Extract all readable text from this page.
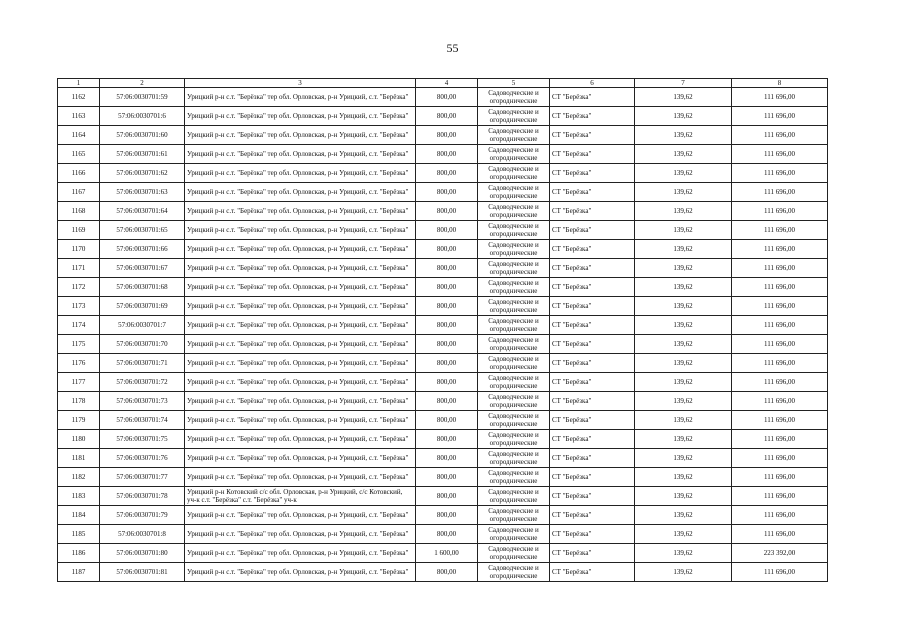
55
1	2	3	4	5	6	7	8
1162	57:06:0030701:59	Урицкий р-н с.т. "Берёзка" тер обл. Орловская, р-н Урицкий, с.т. "Берёзка"	800,00	Садоводческие и огороднические	СТ "Берёзка"	139,62	111 696,00
1163	57:06:0030701:6	Урицкий р-н с.т. "Берёзка" тер обл. Орловская, р-н Урицкий, с.т. "Берёзка"	800,00	Садоводческие и огороднические	СТ "Берёзка"	139,62	111 696,00
1164	57:06:0030701:60	Урицкий р-н с.т. "Берёзка" тер обл. Орловская, р-н Урицкий, с.т. "Берёзка"	800,00	Садоводческие и огороднические	СТ "Берёзка"	139,62	111 696,00
1165	57:06:0030701:61	Урицкий р-н с.т. "Берёзка" тер обл. Орловская, р-н Урицкий, с.т. "Берёзка"	800,00	Садоводческие и огороднические	СТ "Берёзка"	139,62	111 696,00
1166	57:06:0030701:62	Урицкий р-н с.т. "Берёзка" тер обл. Орловская, р-н Урицкий, с.т. "Берёзка"	800,00	Садоводческие и огороднические	СТ "Берёзка"	139,62	111 696,00
1167	57:06:0030701:63	Урицкий р-н с.т. "Берёзка" тер обл. Орловская, р-н Урицкий, с.т. "Берёзка"	800,00	Садоводческие и огороднические	СТ "Берёзка"	139,62	111 696,00
1168	57:06:0030701:64	Урицкий р-н с.т. "Берёзка" тер обл. Орловская, р-н Урицкий, с.т. "Берёзка"	800,00	Садоводческие и огороднические	СТ "Берёзка"	139,62	111 696,00
1169	57:06:0030701:65	Урицкий р-н с.т. "Берёзка" тер обл. Орловская, р-н Урицкий, с.т. "Берёзка"	800,00	Садоводческие и огороднические	СТ "Берёзка"	139,62	111 696,00
1170	57:06:0030701:66	Урицкий р-н с.т. "Берёзка" тер обл. Орловская, р-н Урицкий, с.т. "Берёзка"	800,00	Садоводческие и огороднические	СТ "Берёзка"	139,62	111 696,00
1171	57:06:0030701:67	Урицкий р-н с.т. "Берёзка" тер обл. Орловская, р-н Урицкий, с.т. "Берёзка"	800,00	Садоводческие и огороднические	СТ "Берёзка"	139,62	111 696,00
1172	57:06:0030701:68	Урицкий р-н с.т. "Берёзка" тер обл. Орловская, р-н Урицкий, с.т. "Берёзка"	800,00	Садоводческие и огороднические	СТ "Берёзка"	139,62	111 696,00
1173	57:06:0030701:69	Урицкий р-н с.т. "Берёзка" тер обл. Орловская, р-н Урицкий, с.т. "Берёзка"	800,00	Садоводческие и огороднические	СТ "Берёзка"	139,62	111 696,00
1174	57:06:0030701:7	Урицкий р-н с.т. "Берёзка" тер обл. Орловская, р-н Урицкий, с.т. "Берёзка"	800,00	Садоводческие и огороднические	СТ "Берёзка"	139,62	111 696,00
1175	57:06:0030701:70	Урицкий р-н с.т. "Берёзка" тер обл. Орловская, р-н Урицкий, с.т. "Берёзка"	800,00	Садоводческие и огороднические	СТ "Берёзка"	139,62	111 696,00
1176	57:06:0030701:71	Урицкий р-н с.т. "Берёзка" тер обл. Орловская, р-н Урицкий, с.т. "Берёзка"	800,00	Садоводческие и огороднические	СТ "Берёзка"	139,62	111 696,00
1177	57:06:0030701:72	Урицкий р-н с.т. "Берёзка" тер обл. Орловская, р-н Урицкий, с.т. "Берёзка"	800,00	Садоводческие и огороднические	СТ "Берёзка"	139,62	111 696,00
1178	57:06:0030701:73	Урицкий р-н с.т. "Берёзка" тер обл. Орловская, р-н Урицкий, с.т. "Берёзка"	800,00	Садоводческие и огороднические	СТ "Берёзка"	139,62	111 696,00
1179	57:06:0030701:74	Урицкий р-н с.т. "Берёзка" тер обл. Орловская, р-н Урицкий, с.т. "Берёзка"	800,00	Садоводческие и огороднические	СТ "Берёзка"	139,62	111 696,00
1180	57:06:0030701:75	Урицкий р-н с.т. "Берёзка" тер обл. Орловская, р-н Урицкий, с.т. "Берёзка"	800,00	Садоводческие и огороднические	СТ "Берёзка"	139,62	111 696,00
1181	57:06:0030701:76	Урицкий р-н с.т. "Берёзка" тер обл. Орловская, р-н Урицкий, с.т. "Берёзка"	800,00	Садоводческие и огороднические	СТ "Берёзка"	139,62	111 696,00
1182	57:06:0030701:77	Урицкий р-н с.т. "Берёзка" тер обл. Орловская, р-н Урицкий, с.т. "Берёзка"	800,00	Садоводческие и огороднические	СТ "Берёзка"	139,62	111 696,00
1183	57:06:0030701:78	Урицкий р-н Котовский с/с обл. Орловская, р-н Урицкий, с/с Котовский, уч-к с.т. "Берёзка" с.т. "Берёзка" уч-к	800,00	Садоводческие и огороднические	СТ "Берёзка"	139,62	111 696,00
1184	57:06:0030701:79	Урицкий р-н с.т. "Берёзка" тер обл. Орловская, р-н Урицкий, с.т. "Берёзка"	800,00	Садоводческие и огороднические	СТ "Берёзка"	139,62	111 696,00
1185	57:06:0030701:8	Урицкий р-н с.т. "Берёзка" тер обл. Орловская, р-н Урицкий, с.т. "Берёзка"	800,00	Садоводческие и огороднические	СТ "Берёзка"	139,62	111 696,00
1186	57:06:0030701:80	Урицкий р-н с.т. "Берёзка" тер обл. Орловская, р-н Урицкий, с.т. "Берёзка"	1 600,00	Садоводческие и огороднические	СТ "Берёзка"	139,62	223 392,00
1187	57:06:0030701:81	Урицкий р-н с.т. "Берёзка" тер обл. Орловская, р-н Урицкий, с.т. "Берёзка"	800,00	Садоводческие и огороднические	СТ "Берёзка"	139,62	111 696,00
